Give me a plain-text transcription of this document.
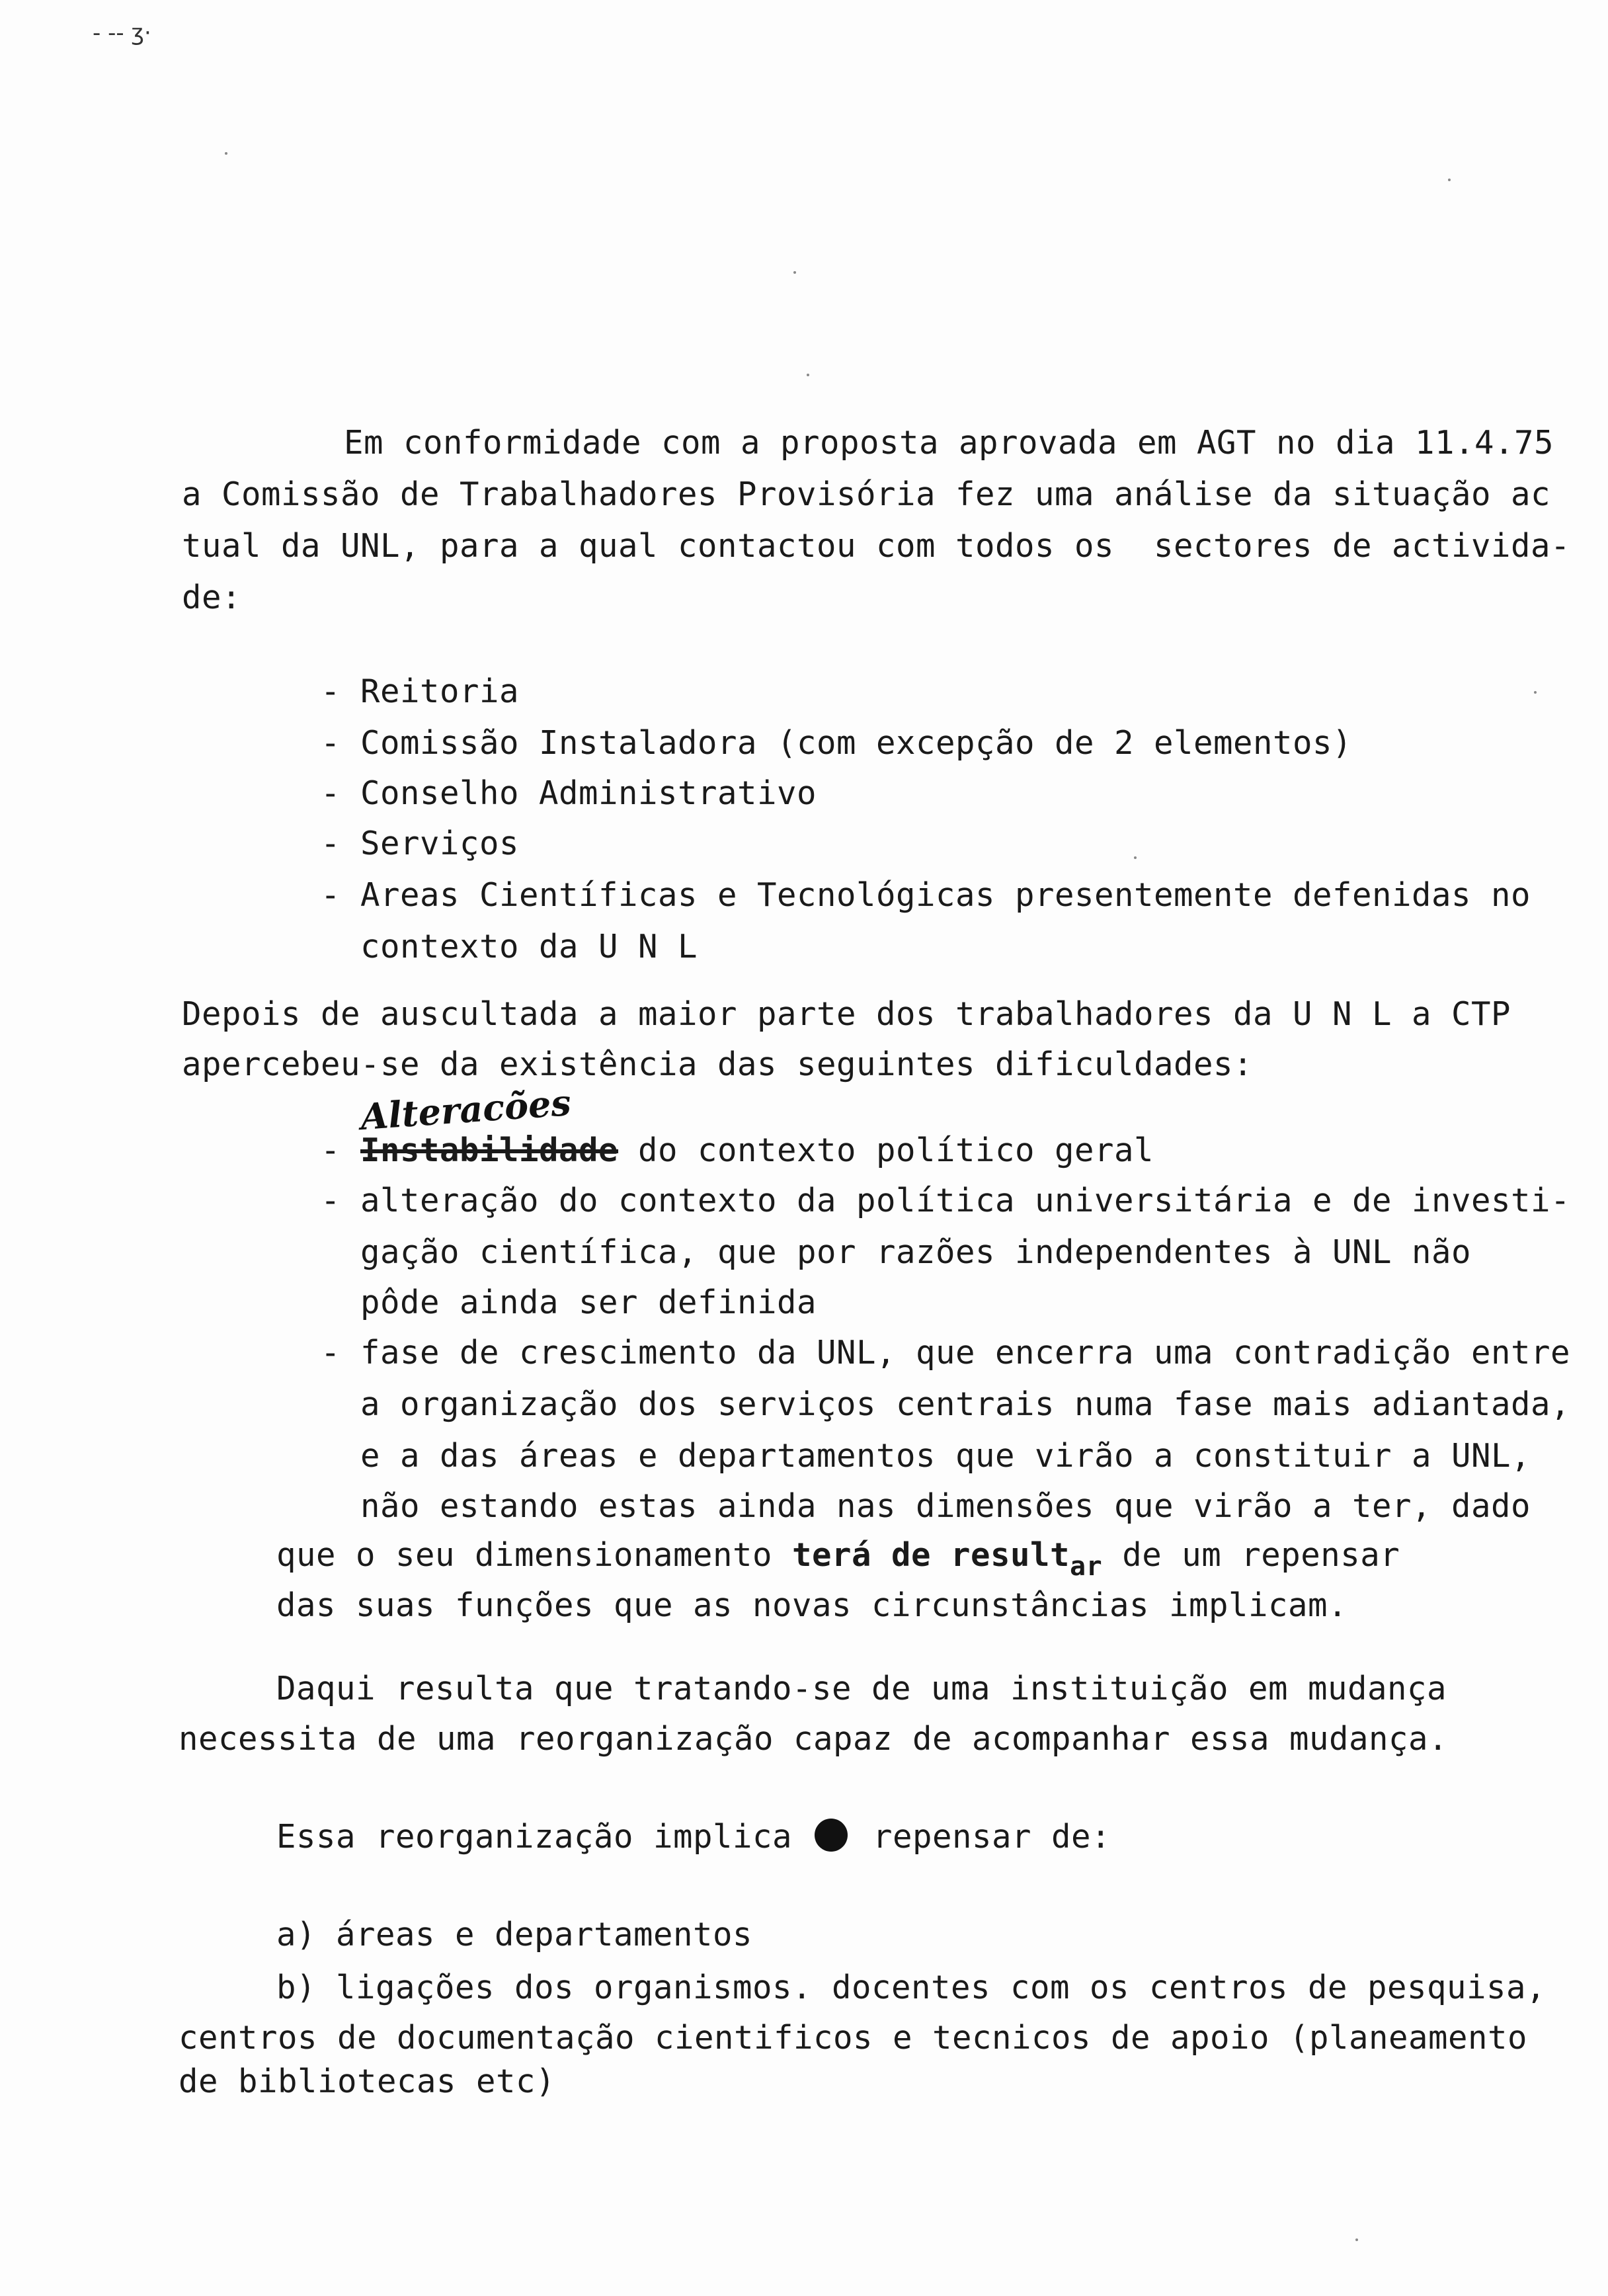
- -- ʒ·
Em conformidade com a proposta aprovada em AGT no dia 11.4.75
a Comissão de Trabalhadores Provisória fez uma análise da situação ac
tual da UNL, para a qual contactou com todos os  sectores de activida-
de:
- Reitoria
- Comissão Instaladora (com excepção de 2 elementos)
- Conselho Administrativo
- Serviços
- Areas Científicas e Tecnológicas presentemente defenidas no
contexto da U N L
Depois de auscultada a maior parte dos trabalhadores da U N L a CTP
apercebeu-se da existência das seguintes dificuldades:
Alteracões
- Instabilidade do contexto político geral
- alteração do contexto da política universitária e de investi-
gação científica, que por razões independentes à UNL não
pôde ainda ser definida
- fase de crescimento da UNL, que encerra uma contradição entre
a organização dos serviços centrais numa fase mais adiantada,
e a das áreas e departamentos que virão a constituir a UNL,
não estando estas ainda nas dimensões que virão a ter, dado
que o seu dimensionamento terá de result$_{ar}$ de um repensar
das suas funções que as novas circunstâncias implicam.
Daqui resulta que tratando-se de uma instituição em mudança
necessita de uma reorganização capaz de acompanhar essa mudança.
Essa reorganização implica repensar de:
a) áreas e departamentos
b) ligações dos organismos. docentes com os centros de pesquisa,
centros de documentação cientificos e tecnicos de apoio (planeamento
de bibliotecas etc)
